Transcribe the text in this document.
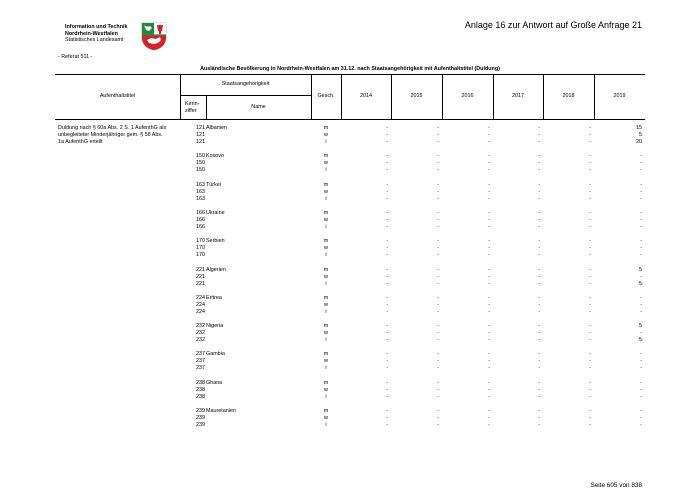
Information und Technik
Nordrhein-Westfalen
Statistisches Landesamt
Anlage 16 zur Antwort auf Große Anfrage 21
- Referat 511 -
Ausländische Bevölkerung in Nordrhein-Westfalen am 31.12. nach Staatsangehörigkeit mit Aufenthaltstitel (Duldung)
Aufenthaltstitel
Staatsangehörigkeit
Kenn-
ziffer
Name
Gesch.	2014	2015	2016	2017	2018	2019
Duldung nach § 60a Abs. 2 S. 1 AufenthG als
unbegleiteter Minderjähriger gem. § 58 Abs.
1a AufenthG erteilt
121 Albanien	m	-	-	-	-	-	15
121	w	-	-	-	-	-	5
121	i	-	-	-	-	-	20
150 Kosovo	m	-	-	-	-	-	-
150	w	-	-	-	-	-	-
150	i	-	-	-	-	-	-
163 Türkei	m	-	-	-	-	-	-
163	w	-	-	-	-	-	-
163	i	-	-	-	-	-	-
166 Ukraine	m	-	-	-	-	-	-
166	w	-	-	-	-	-	-
166	i	-	-	-	-	-	-
170 Serbien	m	-	-	-	-	-	-
170	w	-	-	-	-	-	-
170	i	-	-	-	-	-	-
221 Algerien	m	-	-	-	-	-	5
221	w	-	-	-	-	-	-
221	i	-	-	-	-	-	5
224 Eritrea	m	-	-	-	-	-	-
224	w	-	-	-	-	-	-
224	i	-	-	-	-	-	-
232 Nigeria	m	-	-	-	-	-	5
232	w	-	-	-	-	-	-
232	i	-	-	-	-	-	5
237 Gambia	m	-	-	-	-	-	-
237	w	-	-	-	-	-	-
237	i	-	-	-	-	-	-
238 Ghana	m	-	-	-	-	-	-
238	w	-	-	-	-	-	-
238	i	-	-	-	-	-	-
239 Mauretanien	m	-	-	-	-	-	-
239	w	-	-	-	-	-	-
239	i	-	-	-	-	-	-
Seite 605 von 838
